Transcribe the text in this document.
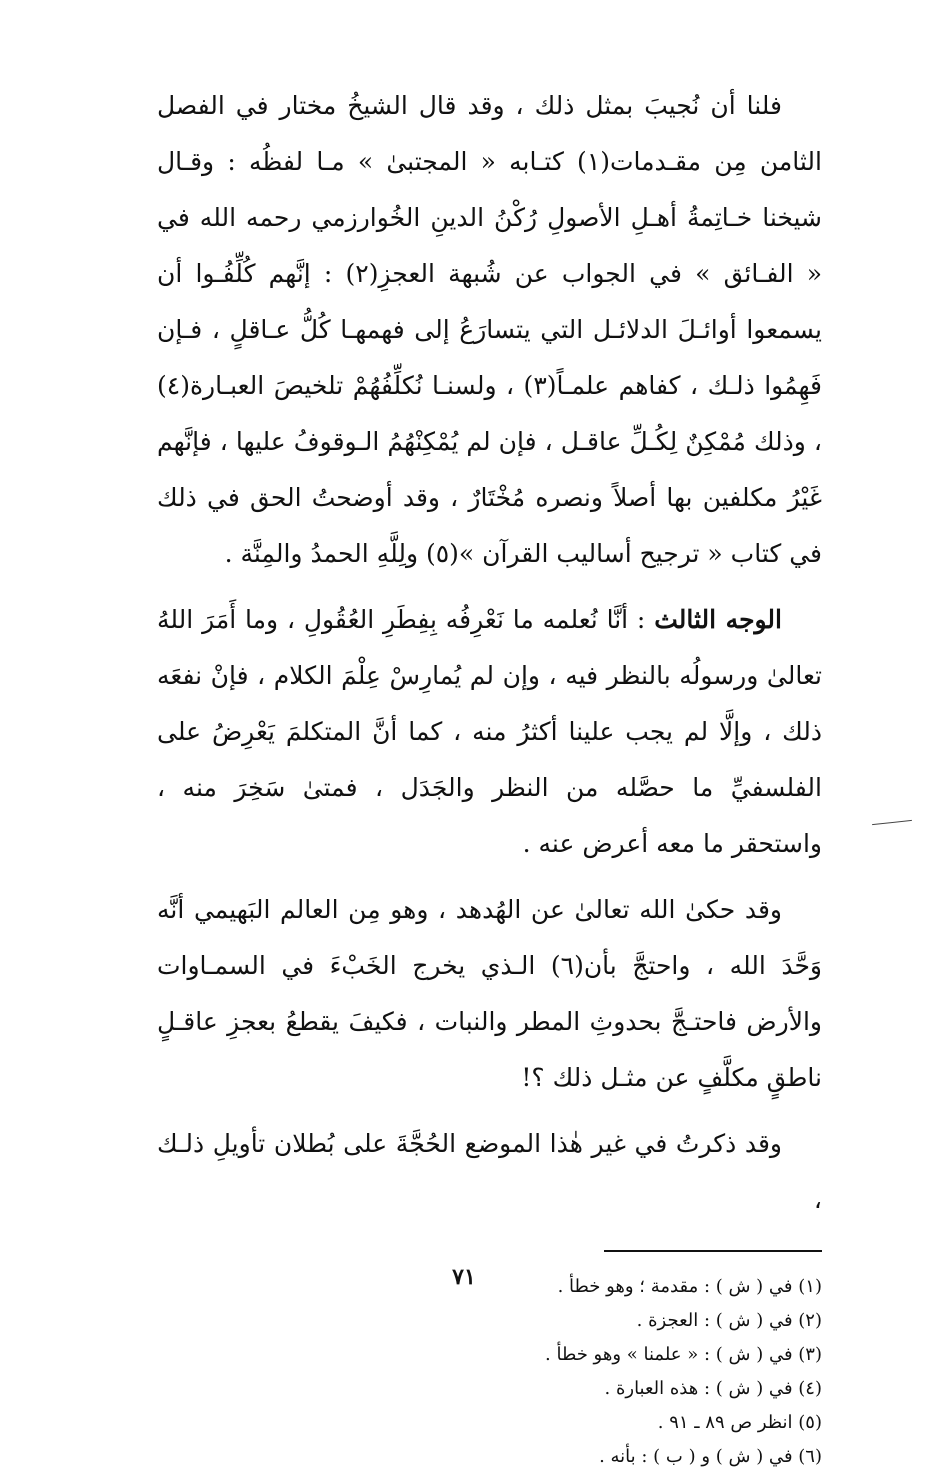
فلنا أن نُجيبَ بمثل ذلك ، وقد قال الشيخُ مختار في الفصل الثامن مِن مقـدمات(١) كتـابه « المجتبىٰ » مـا لفظُه : وقـال شيخنا خـاتِمةُ أهـلِ الأصولِ رُكْنُ الدينِ الخُوارزمي رحمه الله في « الفـائق » في الجواب عن شُبهة العجزِ(٢) : إنَّهم كُلِّفُـوا أن يسمعوا أوائـلَ الدلائـل التي يتسارَعُ إلى فهمهـا كُلُّ عـاقلٍ ، فـإن فَهِمُوا ذلـك ، كفاهم علمـاً(٣) ، ولسنـا نُكلِّفُهُمْ تلخيصَ العبـارة(٤) ، وذلك مُمْكِنٌ لِكُـلِّ عاقـل ، فإن لم يُمْكِنْهُمُ الـوقوفُ عليها ، فإنَّهم غَيْرُ مكلفين بها أصلاً ونصره مُخْتَارٌ ، وقد أوضحتُ الحق في ذلك في كتاب « ترجيح أساليب القرآن »(٥) ولِلَّهِ الحمدُ والمِنَّة .

الوجه الثالث : أنَّا نُعلمه ما نَعْرِفُه بِفِطَرِ العُقُولِ ، وما أَمَرَ اللهُ تعالىٰ ورسولُه بالنظر فيه ، وإن لم يُمارِسْ عِلْمَ الكلام ، فإنْ نفعَه ذلك ، وإلَّا لم يجب علينا أكثرُ منه ، كما أنَّ المتكلمَ يَعْرِضُ على الفلسفيِّ ما حصَّله من النظر والجَدَل ، فمتىٰ سَخِرَ منه ، واستحقر ما معه أعرض عنه .

وقد حكىٰ الله تعالىٰ عن الهُدهد ، وهو مِن العالم البَهيمي أنَّه وَحَّدَ الله ، واحتجَّ بأن(٦) الـذي يخرج الخَبْءَ في السمـاوات والأرض فاحتـجَّ بحدوثِ المطر والنبات ، فكيفَ يقطعُ بعجزِ عاقـلٍ ناطقٍ مكلَّفٍ عن مثـل ذلك ؟!

وقد ذكرتُ في غير هٰذا الموضع الحُجَّةَ على بُطلان تأويلِ ذلـك ،

(١) في ( ش ) : مقدمة ؛ وهو خطأ .
(٢) في ( ش ) : العجزة .
(٣) في ( ش ) : « علمنا » وهو خطأ .
(٤) في ( ش ) : هذه العبارة .
(٥) انظر ص ٨٩ ـ ٩١ .
(٦) في ( ش ) و ( ب ) : بأنه .
٧١
